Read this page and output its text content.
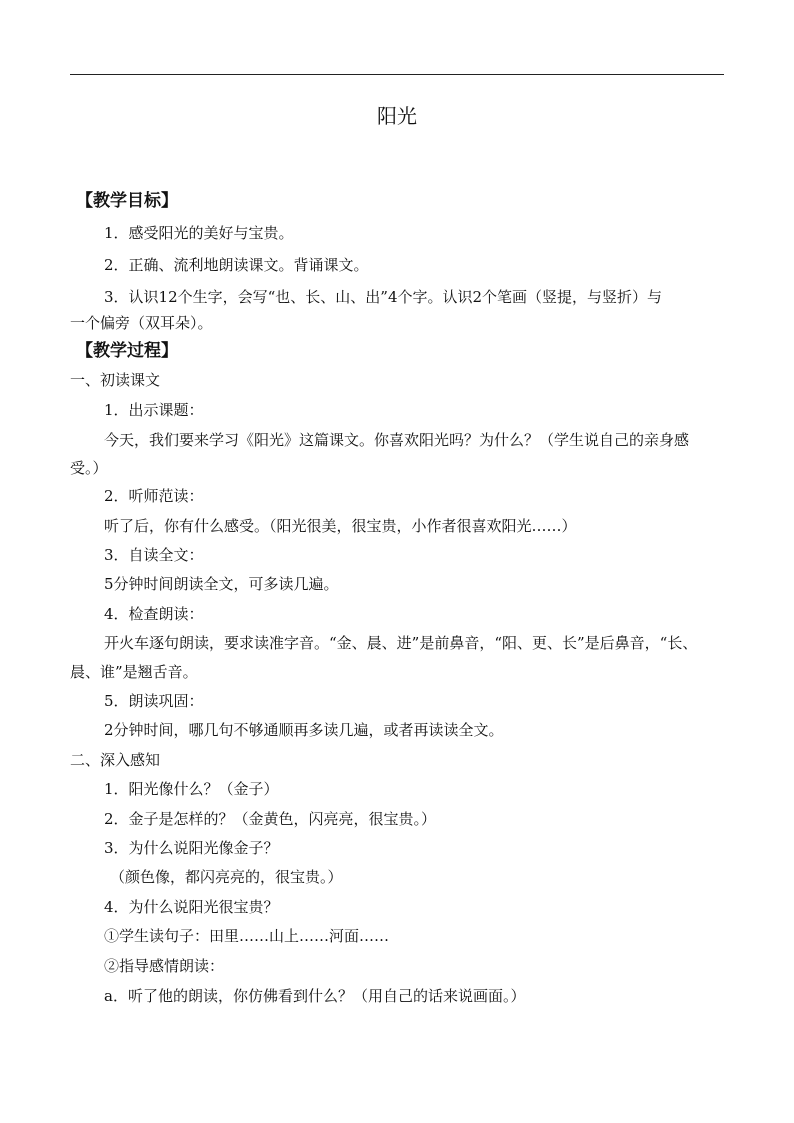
阳光
【教学目标】
1．感受阳光的美好与宝贵。
2．正确、流利地朗读课文。背诵课文。
3．认识12个生字，会写“也、长、山、出”4个字。认识2个笔画（竖提，与竖折）与
一个偏旁（双耳朵）。
【教学过程】
一、初读课文
1．出示课题：
今天，我们要来学习《阳光》这篇课文。你喜欢阳光吗？为什么？（学生说自己的亲身感
受。）
2．听师范读：
听了后，你有什么感受。（阳光很美，很宝贵，小作者很喜欢阳光……）
3．自读全文：
5分钟时间朗读全文，可多读几遍。
4．检查朗读：
开火车逐句朗读，要求读准字音。“金、晨、进”是前鼻音，“阳、更、长”是后鼻音，“长、
晨、谁”是翘舌音。
5．朗读巩固：
2分钟时间，哪几句不够通顺再多读几遍，或者再读读全文。
二、深入感知
1．阳光像什么？（金子）
2．金子是怎样的？（金黄色，闪亮亮，很宝贵。）
3．为什么说阳光像金子？
（颜色像，都闪亮亮的，很宝贵。）
4．为什么说阳光很宝贵？
①学生读句子：田里……山上……河面……
②指导感情朗读：
a．听了他的朗读，你仿佛看到什么？（用自己的话来说画面。）
